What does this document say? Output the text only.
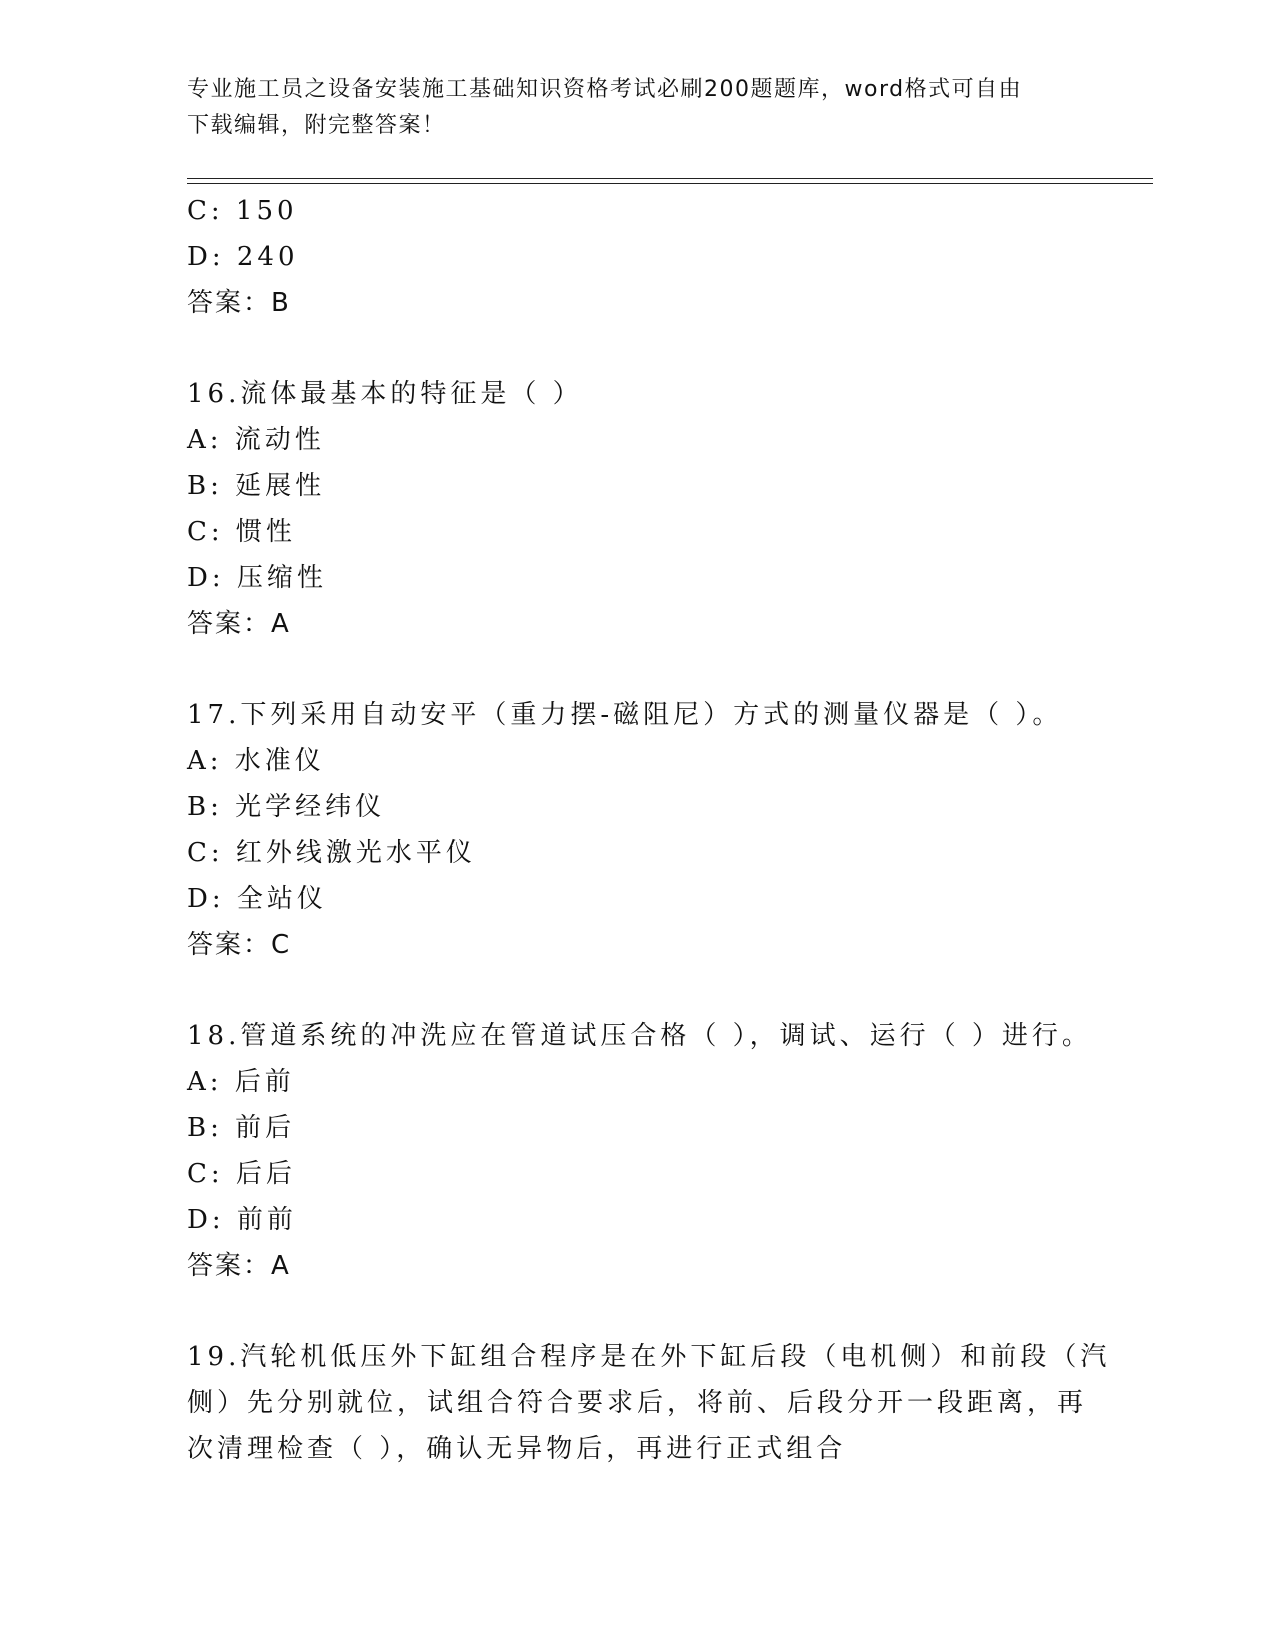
专业施工员之设备安装施工基础知识资格考试必刷200题题库，word格式可自由
下载编辑，附完整答案！
C: 150
D: 240
答案：B
16.流体最基本的特征是（ ）
A: 流动性
B: 延展性
C: 惯性
D: 压缩性
答案：A
17.下列采用自动安平（重力摆-磁阻尼）方式的测量仪器是（ ）。
A: 水准仪
B: 光学经纬仪
C: 红外线激光水平仪
D: 全站仪
答案：C
18.管道系统的冲洗应在管道试压合格（ ），调试、运行（ ）进行。
A: 后前
B: 前后
C: 后后
D: 前前
答案：A
19.汽轮机低压外下缸组合程序是在外下缸后段（电机侧）和前段（汽
侧）先分别就位，试组合符合要求后，将前、后段分开一段距离，再
次清理检查（ ），确认无异物后，再进行正式组合
